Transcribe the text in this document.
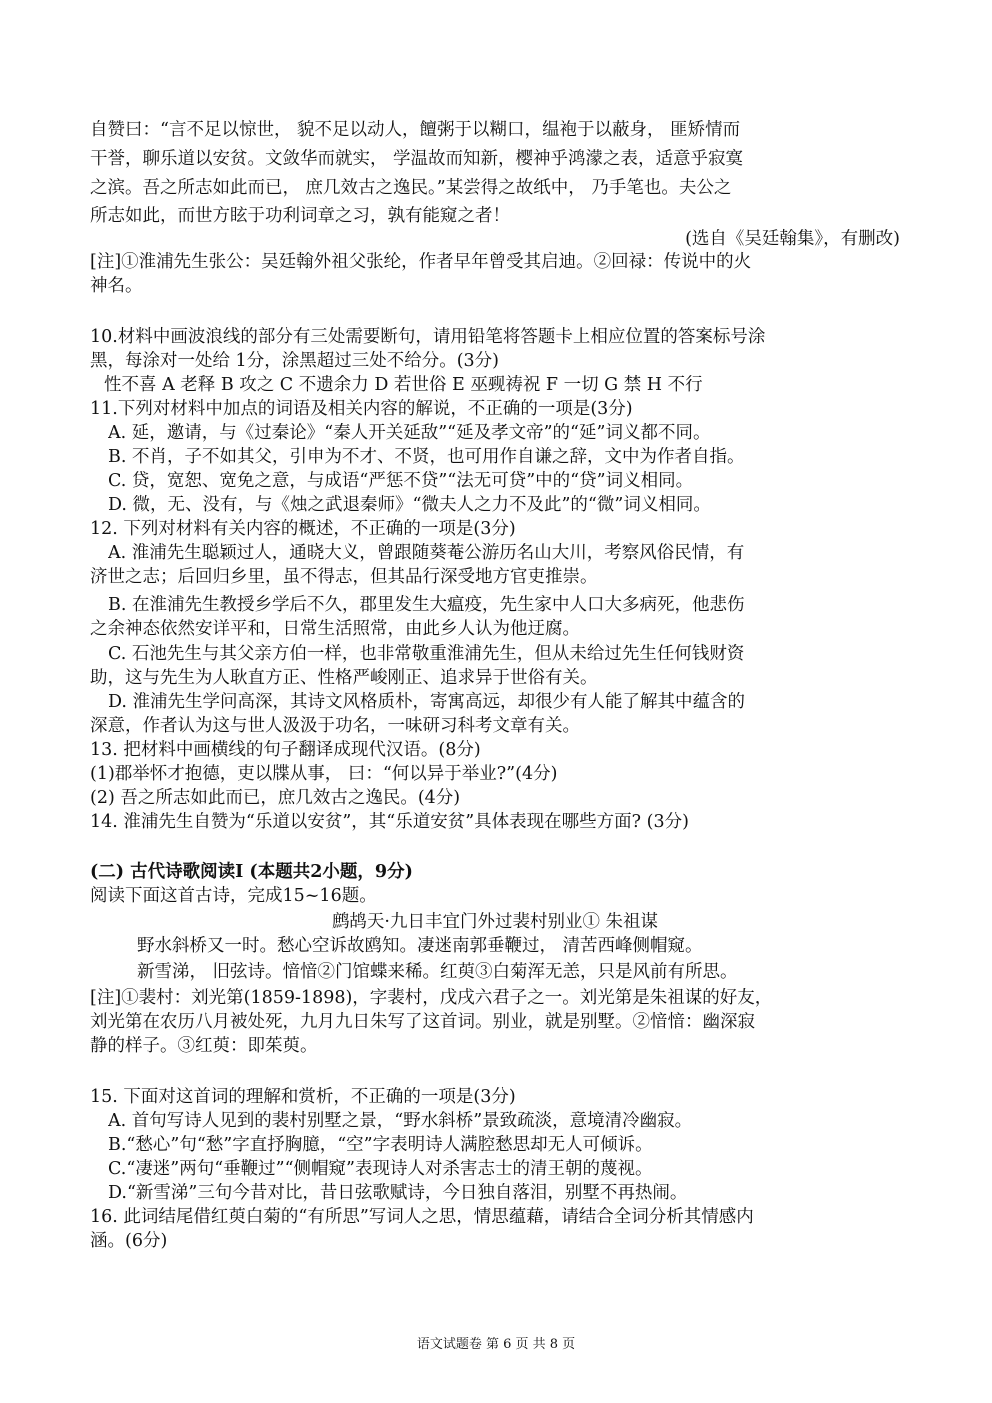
自赞曰：“言不足以惊世， 貌不足以动人，饘粥于以糊口，缊袍于以蔽身， 匪矫情而
干誉，聊乐道以安贫。文敛华而就实， 学温故而知新，樱神乎鸿濛之表，适意乎寂寞
之滨。吾之所志如此而已， 庶几效古之逸民。”某尝得之故纸中， 乃手笔也。夫公之
所志如此，而世方眩于功利词章之习，孰有能窥之者！
(选自《吴廷翰集》，有删改)
[注]①淮浦先生张公：吴廷翰外祖父张纶，作者早年曾受其启迪。②回禄：传说中的火
神名。
10.材料中画波浪线的部分有三处需要断句，请用铅笔将答题卡上相应位置的答案标号涂
黑，每涂对一处给 1分，涂黑超过三处不给分。(3分)
性不喜 A 老释 B 攻之 C 不遗余力 D 若世俗 E 巫觋祷祝 F 一切 G 禁 H 不行
11.下列对材料中加点的词语及相关内容的解说，不正确的一项是(3分)
A. 延，邀请，与《过秦论》“秦人开关延敌”“延及孝文帝”的“延”词义都不同。
B. 不肖，子不如其父，引申为不才、不贤，也可用作自谦之辞，文中为作者自指。
C. 贷，宽恕、宽免之意，与成语“严惩不贷”“法无可贷”中的“贷”词义相同。
D. 微，无、没有，与《烛之武退秦师》“微夫人之力不及此”的“微”词义相同。
12. 下列对材料有关内容的概述，不正确的一项是(3分)
A. 淮浦先生聪颖过人，通晓大义，曾跟随葵菴公游历名山大川，考察风俗民情，有
济世之志；后回归乡里，虽不得志，但其品行深受地方官吏推崇。
B. 在淮浦先生教授乡学后不久，郡里发生大瘟疫，先生家中人口大多病死，他悲伤
之余神态依然安详平和，日常生活照常，由此乡人认为他迂腐。
C. 石池先生与其父亲方伯一样，也非常敬重淮浦先生，但从未给过先生任何钱财资
助，这与先生为人耿直方正、性格严峻刚正、追求异于世俗有关。
D. 淮浦先生学问高深，其诗文风格质朴，寄寓高远，却很少有人能了解其中蕴含的
深意，作者认为这与世人汲汲于功名，一味研习科考文章有关。
13. 把材料中画横线的句子翻译成现代汉语。(8分)
(1)郡举怀才抱德，吏以牒从事， 曰：“何以异于举业?”(4分)
(2) 吾之所志如此而已，庶几效古之逸民。(4分)
14. 淮浦先生自赞为“乐道以安贫”，其“乐道安贫”具体表现在哪些方面? (3分)
(二) 古代诗歌阅读I (本题共2小题，9分)
阅读下面这首古诗，完成15~16题。
鹧鸪天·九日丰宜门外过裴村别业① 朱祖谋
野水斜桥又一时。愁心空诉故鸥知。凄迷南郭垂鞭过， 清苦西峰侧帽窥。
新雪涕， 旧弦诗。愔愔②门馆蝶来稀。红萸③白菊浑无恙，只是风前有所思。
[注]①裴村：刘光第(1859-1898)，字裴村，戊戌六君子之一。刘光第是朱祖谋的好友，
刘光第在农历八月被处死，九月九日朱写了这首词。别业，就是别墅。②愔愔：幽深寂
静的样子。③红萸：即茱萸。
15. 下面对这首词的理解和赏析，不正确的一项是(3分)
A. 首句写诗人见到的裴村别墅之景，“野水斜桥”景致疏淡，意境清冷幽寂。
B.“愁心”句“愁”字直抒胸臆，“空”字表明诗人满腔愁思却无人可倾诉。
C.“凄迷”两句“垂鞭过”“侧帽窥”表现诗人对杀害志士的清王朝的蔑视。
D.“新雪涕”三句今昔对比，昔日弦歌赋诗，今日独自落泪，别墅不再热闹。
16. 此词结尾借红萸白菊的“有所思”写词人之思，情思蕴藉，请结合全词分析其情感内
涵。(6分)
语文试题卷 第 6 页 共 8 页
